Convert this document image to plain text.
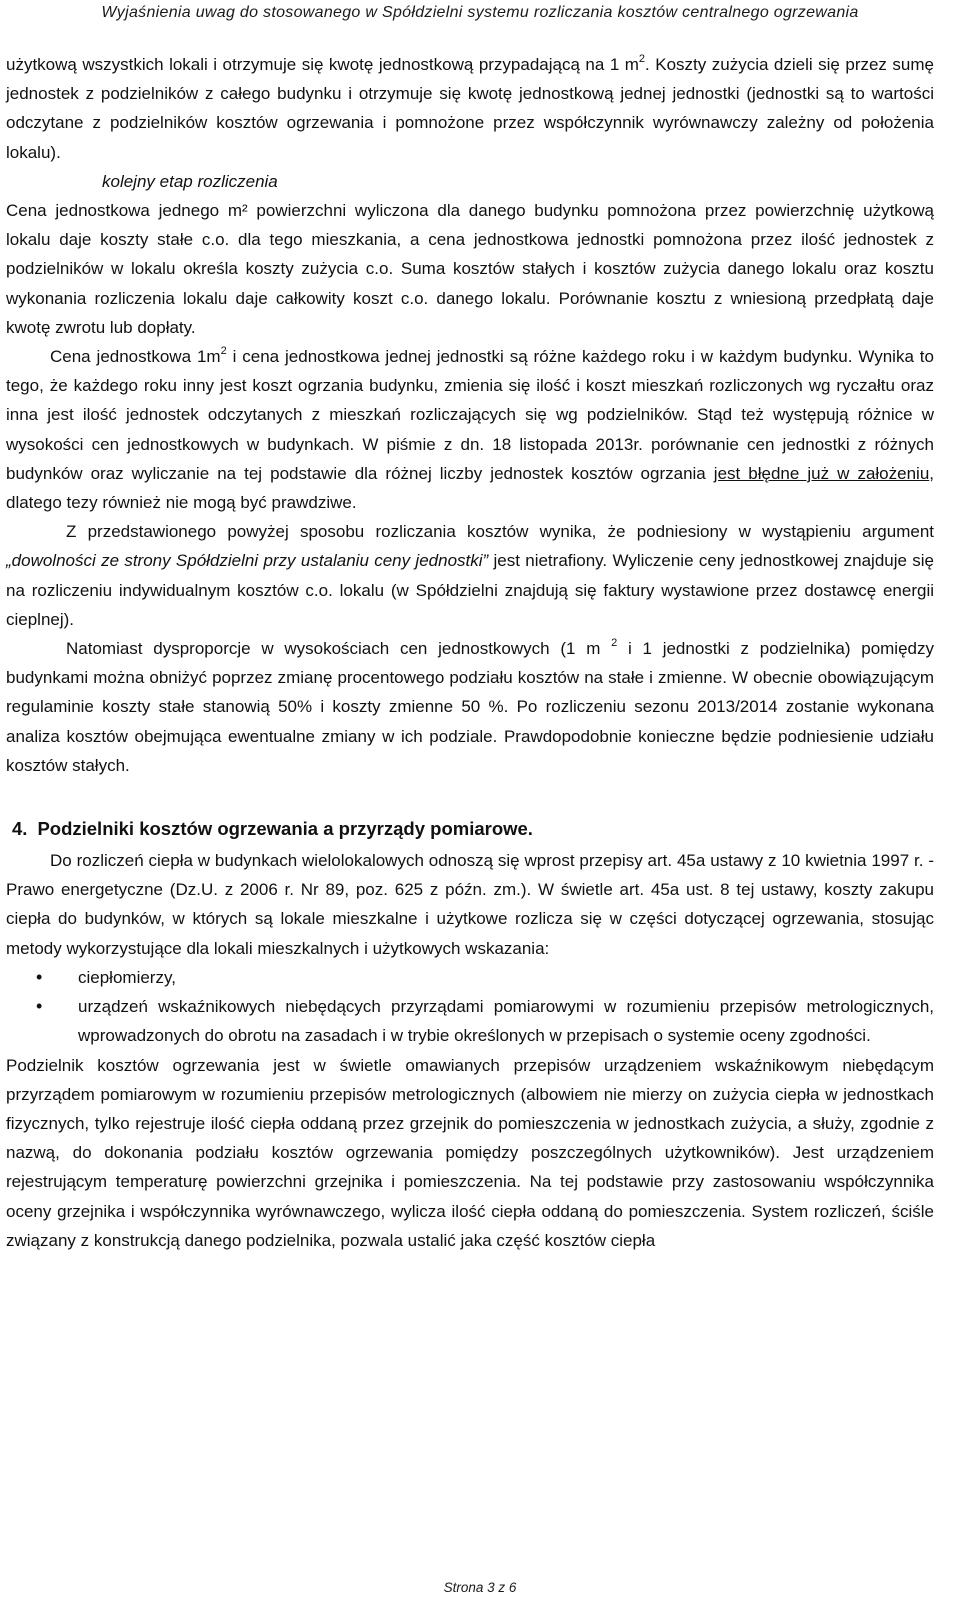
Wyjaśnienia uwag do stosowanego w Spółdzielni systemu rozliczania kosztów centralnego ogrzewania

użytkową wszystkich lokali i otrzymuje się kwotę jednostkową przypadającą na 1 $m^2$. Koszty zużycia dzieli się przez sumę jednostek z podzielników z całego budynku i otrzymuje się kwotę jednostkową jednej jednostki (jednostki są to wartości odczytane z podzielników kosztów ogrzewania i pomnożone przez współczynnik wyrównawczy zależny od położenia lokalu).

kolejny etap rozliczenia

Cena jednostkowa jednego m² powierzchni wyliczona dla danego budynku pomnożona przez powierzchnię użytkową lokalu daje koszty stałe c.o. dla tego mieszkania, a cena jednostkowa jednostki pomnożona przez ilość jednostek z podzielników w lokalu określa koszty zużycia c.o. Suma kosztów stałych i kosztów zużycia danego lokalu oraz kosztu wykonania rozliczenia lokalu daje całkowity koszt c.o. danego lokalu. Porównanie kosztu z wniesioną przedpłatą daje kwotę zwrotu lub dopłaty.

Cena jednostkowa $1m^2$ i cena jednostkowa jednej jednostki są różne każdego roku i w każdym budynku. Wynika to tego, że każdego roku inny jest koszt ogrzania budynku, zmienia się ilość i koszt mieszkań rozliczonych wg ryczałtu oraz inna jest ilość jednostek odczytanych z mieszkań rozliczających się wg podzielników. Stąd też występują różnice w wysokości cen jednostkowych w budynkach. W piśmie z dn. 18 listopada 2013r. porównanie cen jednostki z różnych budynków oraz wyliczanie na tej podstawie dla różnej liczby jednostek kosztów ogrzania jest błędne już w założeniu, dlatego tezy również nie mogą być prawdziwe.

Z przedstawionego powyżej sposobu rozliczania kosztów wynika, że podniesiony w wystąpieniu argument „dowolności ze strony Spółdzielni przy ustalaniu ceny jednostki” jest nietrafiony. Wyliczenie ceny jednostkowej znajduje się na rozliczeniu indywidualnym kosztów c.o. lokalu (w Spółdzielni znajdują się faktury wystawione przez dostawcę energii cieplnej).

Natomiast dysproporcje w wysokościach cen jednostkowych (1 m $^2$ i 1 jednostki z podzielnika) pomiędzy budynkami można obniżyć poprzez zmianę procentowego podziału kosztów na stałe i zmienne. W obecnie obowiązującym regulaminie koszty stałe stanowią 50% i koszty zmienne 50 %. Po rozliczeniu sezonu 2013/2014 zostanie wykonana analiza kosztów obejmująca ewentualne zmiany w ich podziale. Prawdopodobnie konieczne będzie podniesienie udziału kosztów stałych.

4. Podzielniki kosztów ogrzewania a przyrządy pomiarowe.

Do rozliczeń ciepła w budynkach wielolokalowych odnoszą się wprost przepisy art. 45a ustawy z 10 kwietnia 1997 r. - Prawo energetyczne (Dz.U. z 2006 r. Nr 89, poz. 625 z późn. zm.). W świetle art. 45a ust. 8 tej ustawy, koszty zakupu ciepła do budynków, w których są lokale mieszkalne i użytkowe rozlicza się w części dotyczącej ogrzewania, stosując metody wykorzystujące dla lokali mieszkalnych i użytkowych wskazania:

• ciepłomierzy,
• urządzeń wskaźnikowych niebędących przyrządami pomiarowymi w rozumieniu przepisów metrologicznych, wprowadzonych do obrotu na zasadach i w trybie określonych w przepisach o systemie oceny zgodności.

Podzielnik kosztów ogrzewania jest w świetle omawianych przepisów urządzeniem wskaźnikowym niebędącym przyrządem pomiarowym w rozumieniu przepisów metrologicznych (albowiem nie mierzy on zużycia ciepła w jednostkach fizycznych, tylko rejestruje ilość ciepła oddaną przez grzejnik do pomieszczenia w jednostkach zużycia, a służy, zgodnie z nazwą, do dokonania podziału kosztów ogrzewania pomiędzy poszczególnych użytkowników). Jest urządzeniem rejestrującym temperaturę powierzchni grzejnika i pomieszczenia. Na tej podstawie przy zastosowaniu współczynnika oceny grzejnika i współczynnika wyrównawczego, wylicza ilość ciepła oddaną do pomieszczenia. System rozliczeń, ściśle związany z konstrukcją danego podzielnika, pozwala ustalić jaka część kosztów ciepła

Strona 3 z 6
